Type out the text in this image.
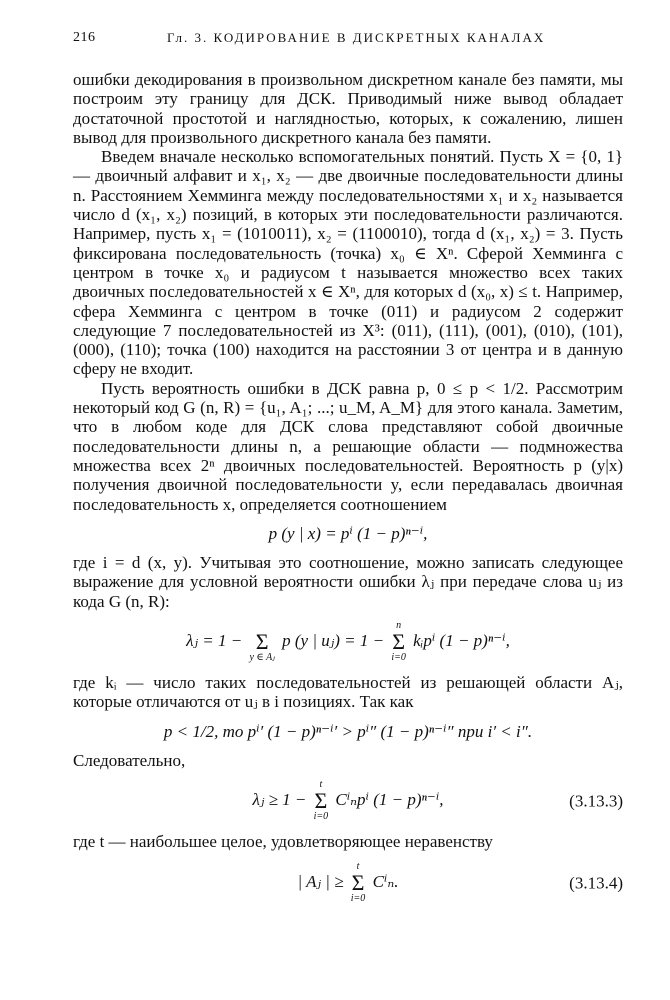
216	Гл. 3. КОДИРОВАНИЕ В ДИСКРЕТНЫХ КАНАЛАХ

ошибки декодирования в произвольном дискретном канале без памяти, мы построим эту границу для ДСК. Приводимый ниже вывод обладает достаточной простотой и наглядностью, которых, к сожалению, лишен вывод для произвольного дискретного канала без памяти.

Введем вначале несколько вспомогательных понятий. Пусть X = {0, 1} — двоичный алфавит и x₁, x₂ — две двоичные последовательности длины n. Расстоянием Хемминга между последовательностями x₁ и x₂ называется число d (x₁, x₂) позиций, в которых эти последовательности различаются. Например, пусть x₁ = (1010011), x₂ = (1100010), тогда d (x₁, x₂) = 3. Пусть фиксирована последовательность (точка) x₀ ∈ Xⁿ. Сферой Хемминга с центром в точке x₀ и радиусом t называется множество всех таких двоичных последовательностей x ∈ Xⁿ, для которых d (x₀, x) ≤ t. Например, сфера Хемминга с центром в точке (011) и радиусом 2 содержит следующие 7 последовательностей из X³: (011), (111), (001), (010), (101), (000), (110); точка (100) находится на расстоянии 3 от центра и в данную сферу не входит.

Пусть вероятность ошибки в ДСК равна p, 0 ≤ p < 1/2. Рассмотрим некоторый код G (n, R) = {u₁, A₁; ...; u_M, A_M} для этого канала. Заметим, что в любом коде для ДСК слова представляют собой двоичные последовательности длины n, а решающие области — подмножества множества всех 2ⁿ двоичных последовательностей. Вероятность p (y|x) получения двоичной последовательности y, если передавалась двоичная последовательность x, определяется соотношением

p (y | x) = pⁱ (1 − p)ⁿ⁻ⁱ,

где i = d (x, y). Учитывая это соотношение, можно записать следующее выражение для условной вероятности ошибки λⱼ при передаче слова uⱼ из кода G (n, R):

λⱼ = 1 −
Σ
y ∈ Aⱼ
p (y | uⱼ) = 1 −
n
Σ
i=0
kᵢpⁱ (1 − p)ⁿ⁻ⁱ,

где kᵢ — число таких последовательностей из решающей области Aⱼ, которые отличаются от uⱼ в i позициях. Так как

p < 1/2, то pⁱ′ (1 − p)ⁿ⁻ⁱ′ > pⁱ″ (1 − p)ⁿ⁻ⁱ″ при i′ < i″.

Следовательно,

λⱼ ≥ 1 −
t
Σ
i=0
Cⁱₙpⁱ (1 − p)ⁿ⁻ⁱ,	(3.13.3)

где t — наибольшее целое, удовлетворяющее неравенству

| Aⱼ | ≥
t
Σ
i=0
Cⁱₙ.	(3.13.4)
